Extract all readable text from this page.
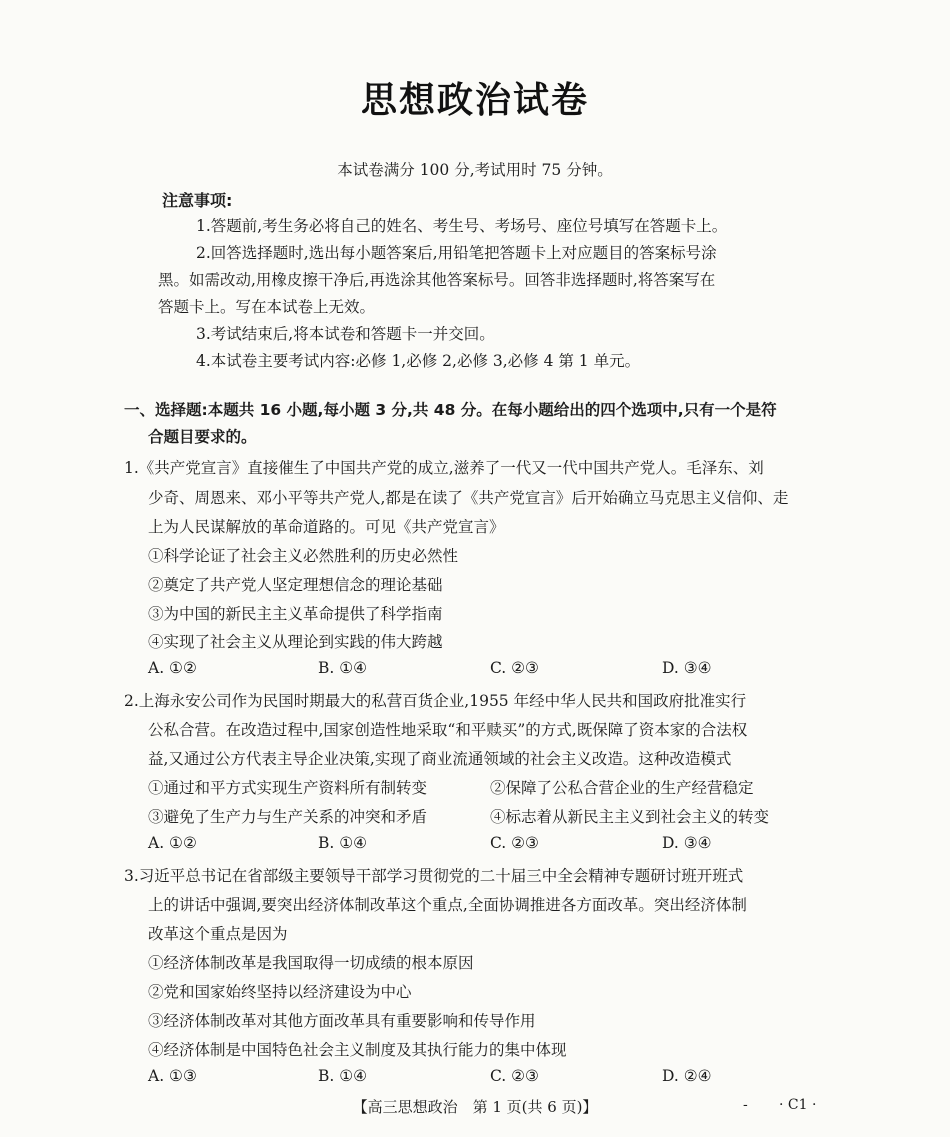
思想政治试卷
本试卷满分 100 分,考试用时 75 分钟。
注意事项:
1.答题前,考生务必将自己的姓名、考生号、考场号、座位号填写在答题卡上。
2.回答选择题时,选出每小题答案后,用铅笔把答题卡上对应题目的答案标号涂
黑。如需改动,用橡皮擦干净后,再选涂其他答案标号。回答非选择题时,将答案写在
答题卡上。写在本试卷上无效。
3.考试结束后,将本试卷和答题卡一并交回。
4.本试卷主要考试内容:必修 1,必修 2,必修 3,必修 4 第 1 单元。
一、选择题:本题共 16 小题,每小题 3 分,共 48 分。在每小题给出的四个选项中,只有一个是符
合题目要求的。
1.《共产党宣言》直接催生了中国共产党的成立,滋养了一代又一代中国共产党人。毛泽东、刘
少奇、周恩来、邓小平等共产党人,都是在读了《共产党宣言》后开始确立马克思主义信仰、走
上为人民谋解放的革命道路的。可见《共产党宣言》
①科学论证了社会主义必然胜利的历史必然性
②奠定了共产党人坚定理想信念的理论基础
③为中国的新民主主义革命提供了科学指南
④实现了社会主义从理论到实践的伟大跨越
A. ①②	B. ①④	C. ②③	D. ③④
2.上海永安公司作为民国时期最大的私营百货企业,1955 年经中华人民共和国政府批准实行
公私合营。在改造过程中,国家创造性地采取“和平赎买”的方式,既保障了资本家的合法权
益,又通过公方代表主导企业决策,实现了商业流通领域的社会主义改造。这种改造模式
①通过和平方式实现生产资料所有制转变	②保障了公私合营企业的生产经营稳定
③避免了生产力与生产关系的冲突和矛盾	④标志着从新民主主义到社会主义的转变
A. ①②	B. ①④	C. ②③	D. ③④
3.习近平总书记在省部级主要领导干部学习贯彻党的二十届三中全会精神专题研讨班开班式
上的讲话中强调,要突出经济体制改革这个重点,全面协调推进各方面改革。突出经济体制
改革这个重点是因为
①经济体制改革是我国取得一切成绩的根本原因
②党和国家始终坚持以经济建设为中心
③经济体制改革对其他方面改革具有重要影响和传导作用
④经济体制是中国特色社会主义制度及其执行能力的集中体现
A. ①③	B. ①④	C. ②③	D. ②④
【高三思想政治　第 1 页(共 6 页)】	- · C1 ·
